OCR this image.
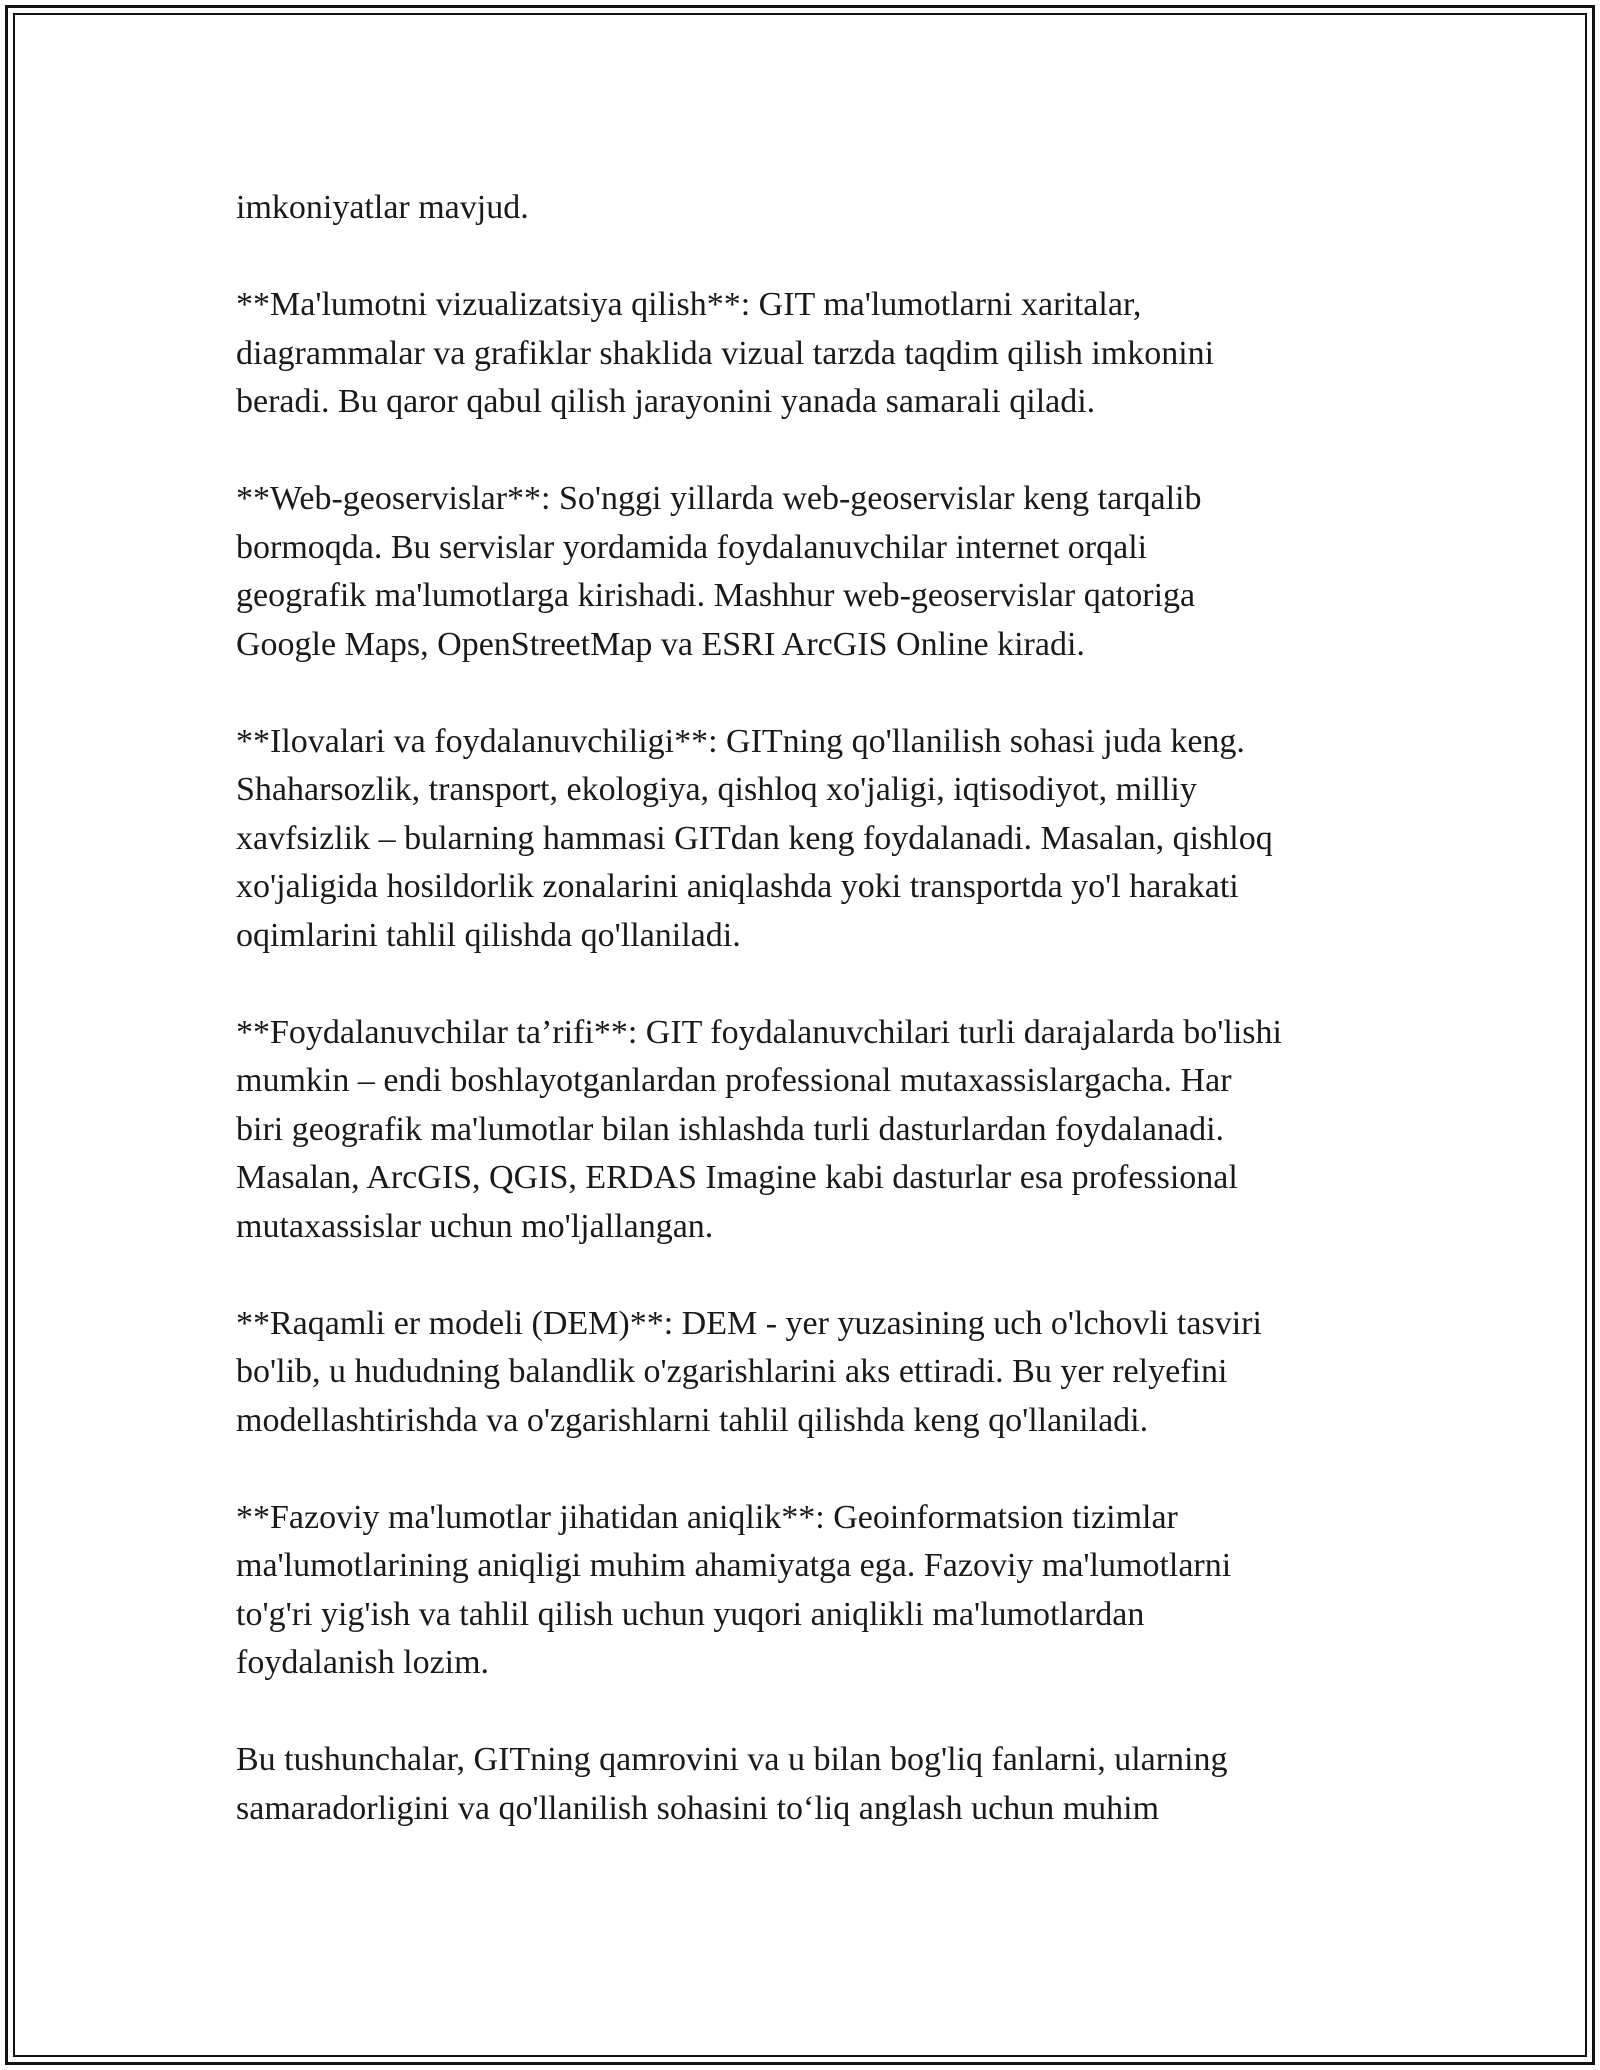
imkoniyatlar mavjud.

**Ma'lumotni vizualizatsiya qilish**: GIT ma'lumotlarni xaritalar,
diagrammalar va grafiklar shaklida vizual tarzda taqdim qilish imkonini
beradi. Bu qaror qabul qilish jarayonini yanada samarali qiladi.

**Web-geoservislar**: So'nggi yillarda web-geoservislar keng tarqalib
bormoqda. Bu servislar yordamida foydalanuvchilar internet orqali
geografik ma'lumotlarga kirishadi. Mashhur web-geoservislar qatoriga
Google Maps, OpenStreetMap va ESRI ArcGIS Online kiradi.

**Ilovalari va foydalanuvchiligi**: GITning qo'llanilish sohasi juda keng.
Shaharsozlik, transport, ekologiya, qishloq xo'jaligi, iqtisodiyot, milliy
xavfsizlik – bularning hammasi GITdan keng foydalanadi. Masalan, qishloq
xo'jaligida hosildorlik zonalarini aniqlashda yoki transportda yo'l harakati
oqimlarini tahlil qilishda qo'llaniladi.

**Foydalanuvchilar ta’rifi**: GIT foydalanuvchilari turli darajalarda bo'lishi
mumkin – endi boshlayotganlardan professional mutaxassislargacha. Har
biri geografik ma'lumotlar bilan ishlashda turli dasturlardan foydalanadi.
Masalan, ArcGIS, QGIS, ERDAS Imagine kabi dasturlar esa professional
mutaxassislar uchun mo'ljallangan.

**Raqamli er modeli (DEM)**: DEM - yer yuzasining uch o'lchovli tasviri
bo'lib, u hududning balandlik o'zgarishlarini aks ettiradi. Bu yer relyefini
modellashtirishda va o'zgarishlarni tahlil qilishda keng qo'llaniladi.

**Fazoviy ma'lumotlar jihatidan aniqlik**: Geoinformatsion tizimlar
ma'lumotlarining aniqligi muhim ahamiyatga ega. Fazoviy ma'lumotlarni
to'g'ri yig'ish va tahlil qilish uchun yuqori aniqlikli ma'lumotlardan
foydalanish lozim.

Bu tushunchalar, GITning qamrovini va u bilan bog'liq fanlarni, ularning
samaradorligini va qo'llanilish sohasini to‘liq anglash uchun muhim
